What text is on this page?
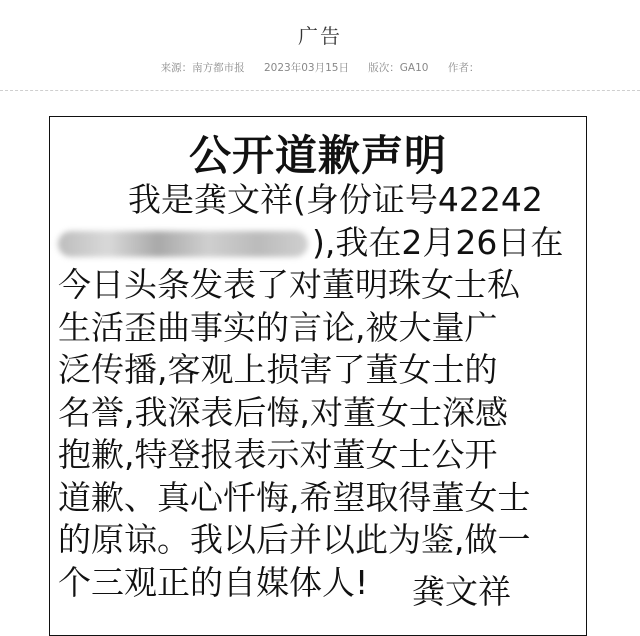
广告
来源：南方都市报 2023年03月15日 版次：GA10 作者：
公开道歉声明
我是龚文祥(身份证号42242
),我在2月26日在
今日头条发表了对董明珠女士私
生活歪曲事实的言论,被大量广
泛传播,客观上损害了董女士的
名誉,我深表后悔,对董女士深感
抱歉,特登报表示对董女士公开
道歉、真心忏悔,希望取得董女士
的原谅。我以后并以此为鉴,做一
个三观正的自媒体人!	龚文祥
